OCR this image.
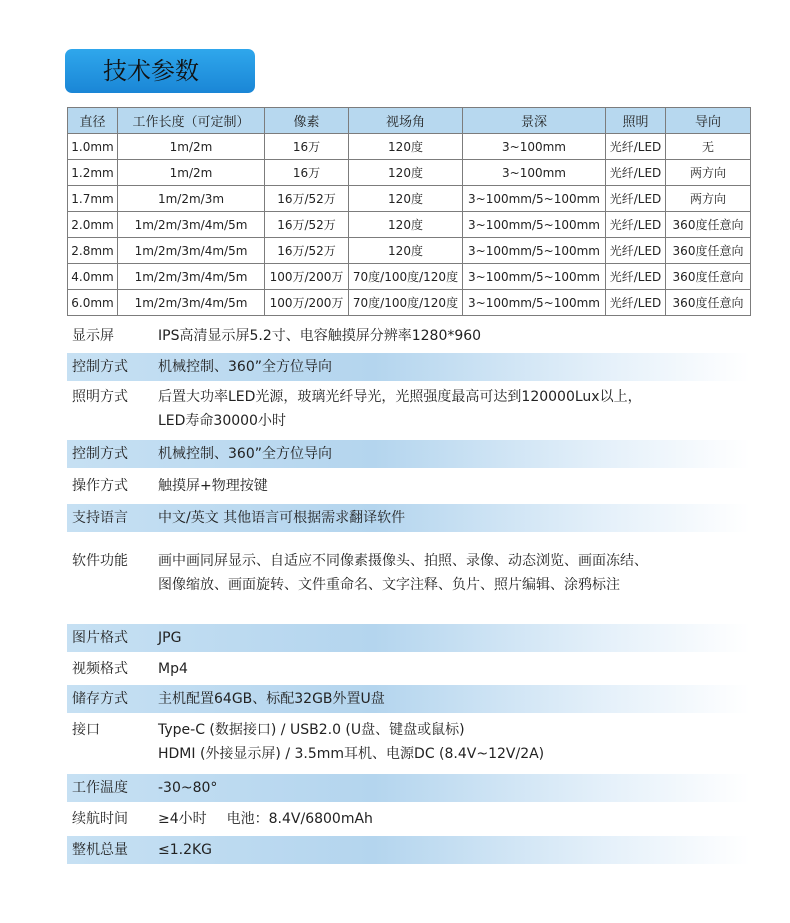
技术参数
直径	工作长度（可定制）	像素	视场角	景深	照明	导向
1.0mm	1m/2m	16万	120度	3~100mm	光纤/LED	无
1.2mm	1m/2m	16万	120度	3~100mm	光纤/LED	两方向
1.7mm	1m/2m/3m	16万/52万	120度	3~100mm/5~100mm	光纤/LED	两方向
2.0mm	1m/2m/3m/4m/5m	16万/52万	120度	3~100mm/5~100mm	光纤/LED	360度任意向
2.8mm	1m/2m/3m/4m/5m	16万/52万	120度	3~100mm/5~100mm	光纤/LED	360度任意向
4.0mm	1m/2m/3m/4m/5m	100万/200万	70度/100度/120度	3~100mm/5~100mm	光纤/LED	360度任意向
6.0mm	1m/2m/3m/4m/5m	100万/200万	70度/100度/120度	3~100mm/5~100mm	光纤/LED	360度任意向
显示屏	IPS高清显示屏5.2寸、电容触摸屏分辨率1280*960
控制方式 机械控制、360”全方位导向
照明方式 后置大功率LED光源，玻璃光纤导光，光照强度最高可达到120000Lux以上，
LED寿命30000小时
控制方式 机械控制、360”全方位导向
操作方式 触摸屏+物理按键
支持语言 中文/英文 其他语言可根据需求翻译软件
软件功能 画中画同屏显示、自适应不同像素摄像头、拍照、录像、动态浏览、画面冻结、
图像缩放、画面旋转、文件重命名、文字注释、负片、照片编辑、涂鸦标注
图片格式 JPG
视频格式 Mp4
储存方式 主机配置64GB、标配32GB外置U盘
接口	Type-C (数据接口) / USB2.0 (U盘、键盘或鼠标)
HDMI (外接显示屏) / 3.5mm耳机、电源DC (8.4V~12V/2A)
工作温度 -30~80°
续航时间 ≥4小时 电池：8.4V/6800mAh
整机总量 ≤1.2KG
